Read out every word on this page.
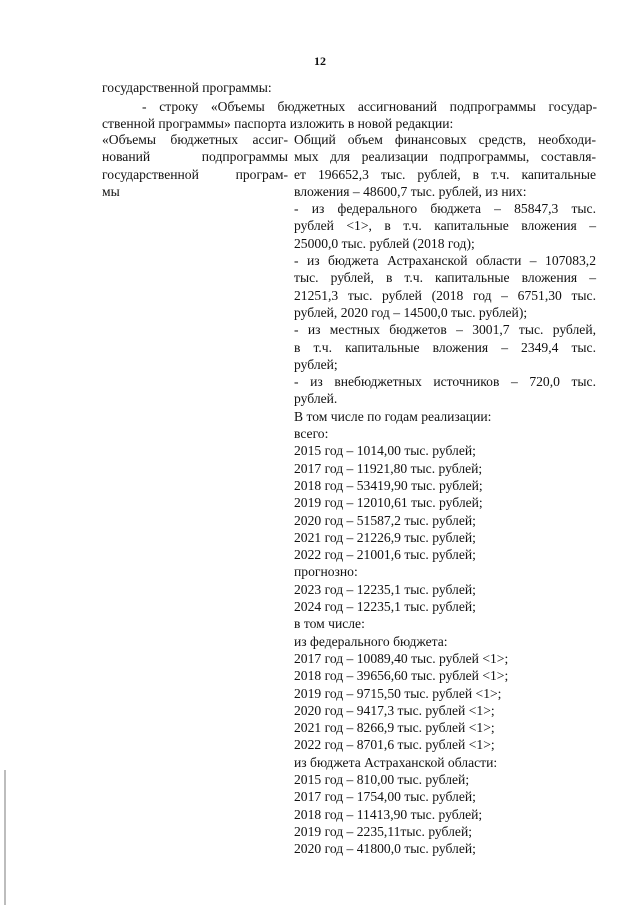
12
государственной программы:
- строку «Объемы бюджетных ассигнований подпрограммы государ-
ственной программы» паспорта изложить в новой редакции:
«Объемы бюджетных ассиг-
нований подпрограммы
государственной програм-
мы
Общий объем финансовых средств, необходи-
мых для реализации подпрограммы, составля-
ет 196652,3 тыс. рублей, в т.ч. капитальные
вложения – 48600,7 тыс. рублей, из них:
- из федерального бюджета – 85847,3 тыс.
рублей <1>, в т.ч. капитальные вложения –
25000,0 тыс. рублей (2018 год);
- из бюджета Астраханской области – 107083,2
тыс. рублей, в т.ч. капитальные вложения –
21251,3 тыс. рублей (2018 год – 6751,30 тыс.
рублей, 2020 год – 14500,0 тыс. рублей);
- из местных бюджетов – 3001,7 тыс. рублей,
в т.ч. капитальные вложения – 2349,4 тыс.
рублей;
- из внебюджетных источников – 720,0 тыс.
рублей.
В том числе по годам реализации:
всего:
2015 год – 1014,00 тыс. рублей;
2017 год – 11921,80 тыс. рублей;
2018 год – 53419,90 тыс. рублей;
2019 год – 12010,61 тыс. рублей;
2020 год – 51587,2 тыс. рублей;
2021 год – 21226,9 тыс. рублей;
2022 год – 21001,6 тыс. рублей;
прогнозно:
2023 год – 12235,1 тыс. рублей;
2024 год – 12235,1 тыс. рублей;
в том числе:
из федерального бюджета:
2017 год – 10089,40 тыс. рублей <1>;
2018 год – 39656,60 тыс. рублей <1>;
2019 год – 9715,50 тыс. рублей <1>;
2020 год – 9417,3 тыс. рублей <1>;
2021 год – 8266,9 тыс. рублей <1>;
2022 год – 8701,6 тыс. рублей <1>;
из бюджета Астраханской области:
2015 год – 810,00 тыс. рублей;
2017 год – 1754,00 тыс. рублей;
2018 год – 11413,90 тыс. рублей;
2019 год – 2235,11тыс. рублей;
2020 год – 41800,0 тыс. рублей;
